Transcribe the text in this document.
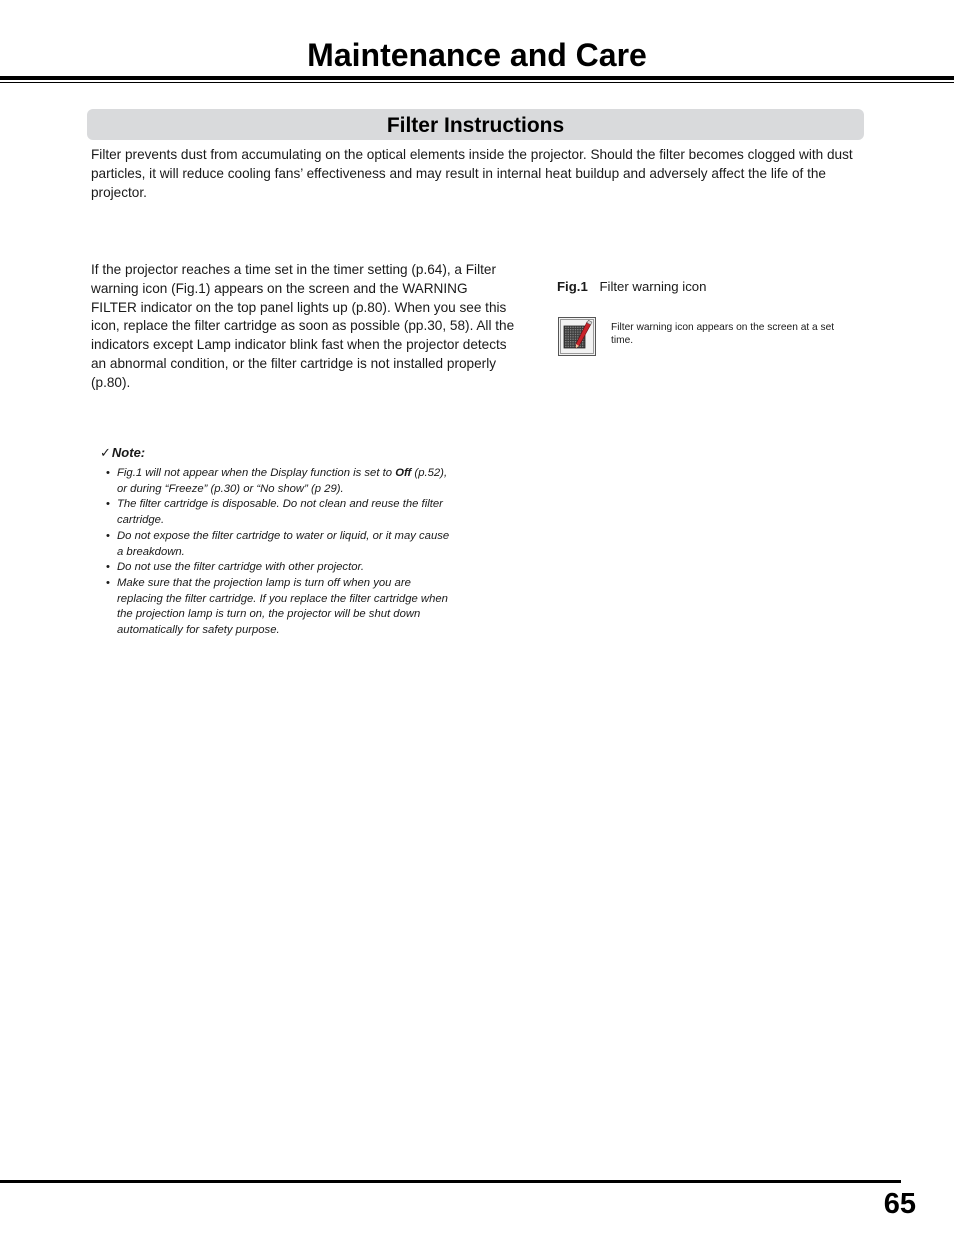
Maintenance and Care
Filter Instructions

Filter prevents dust from accumulating on the optical elements inside the projector. Should the filter becomes clogged with dust particles, it will reduce cooling fans’ effectiveness and may result in internal heat buildup and adversely affect the life of the projector.

If the projector reaches a time set in the timer setting (p.64), a Filter warning icon (Fig.1) appears on the screen and the WARNING FILTER indicator on the top panel lights up (p.80). When you see this icon, replace the filter cartridge as soon as possible (pp.30, 58). All the indicators except Lamp indicator blink fast when the projector detects an abnormal condition, or the filter cartridge is not installed properly (p.80).

Fig.1 Filter warning icon

Filter warning icon appears on the screen at a set time.

✓Note:
• Fig.1 will not appear when the Display function is set to Off (p.52), or during “Freeze” (p.30) or “No show” (p 29).
• The filter cartridge is disposable. Do not clean and reuse the filter cartridge.
• Do not expose the filter cartridge to water or liquid, or it may cause a breakdown.
• Do not use the filter cartridge with other projector.
• Make sure that the projection lamp is turn off when you are replacing the filter cartridge. If you replace the filter cartridge when the projection lamp is turn on, the projector will be shut down automatically for safety purpose.
65
